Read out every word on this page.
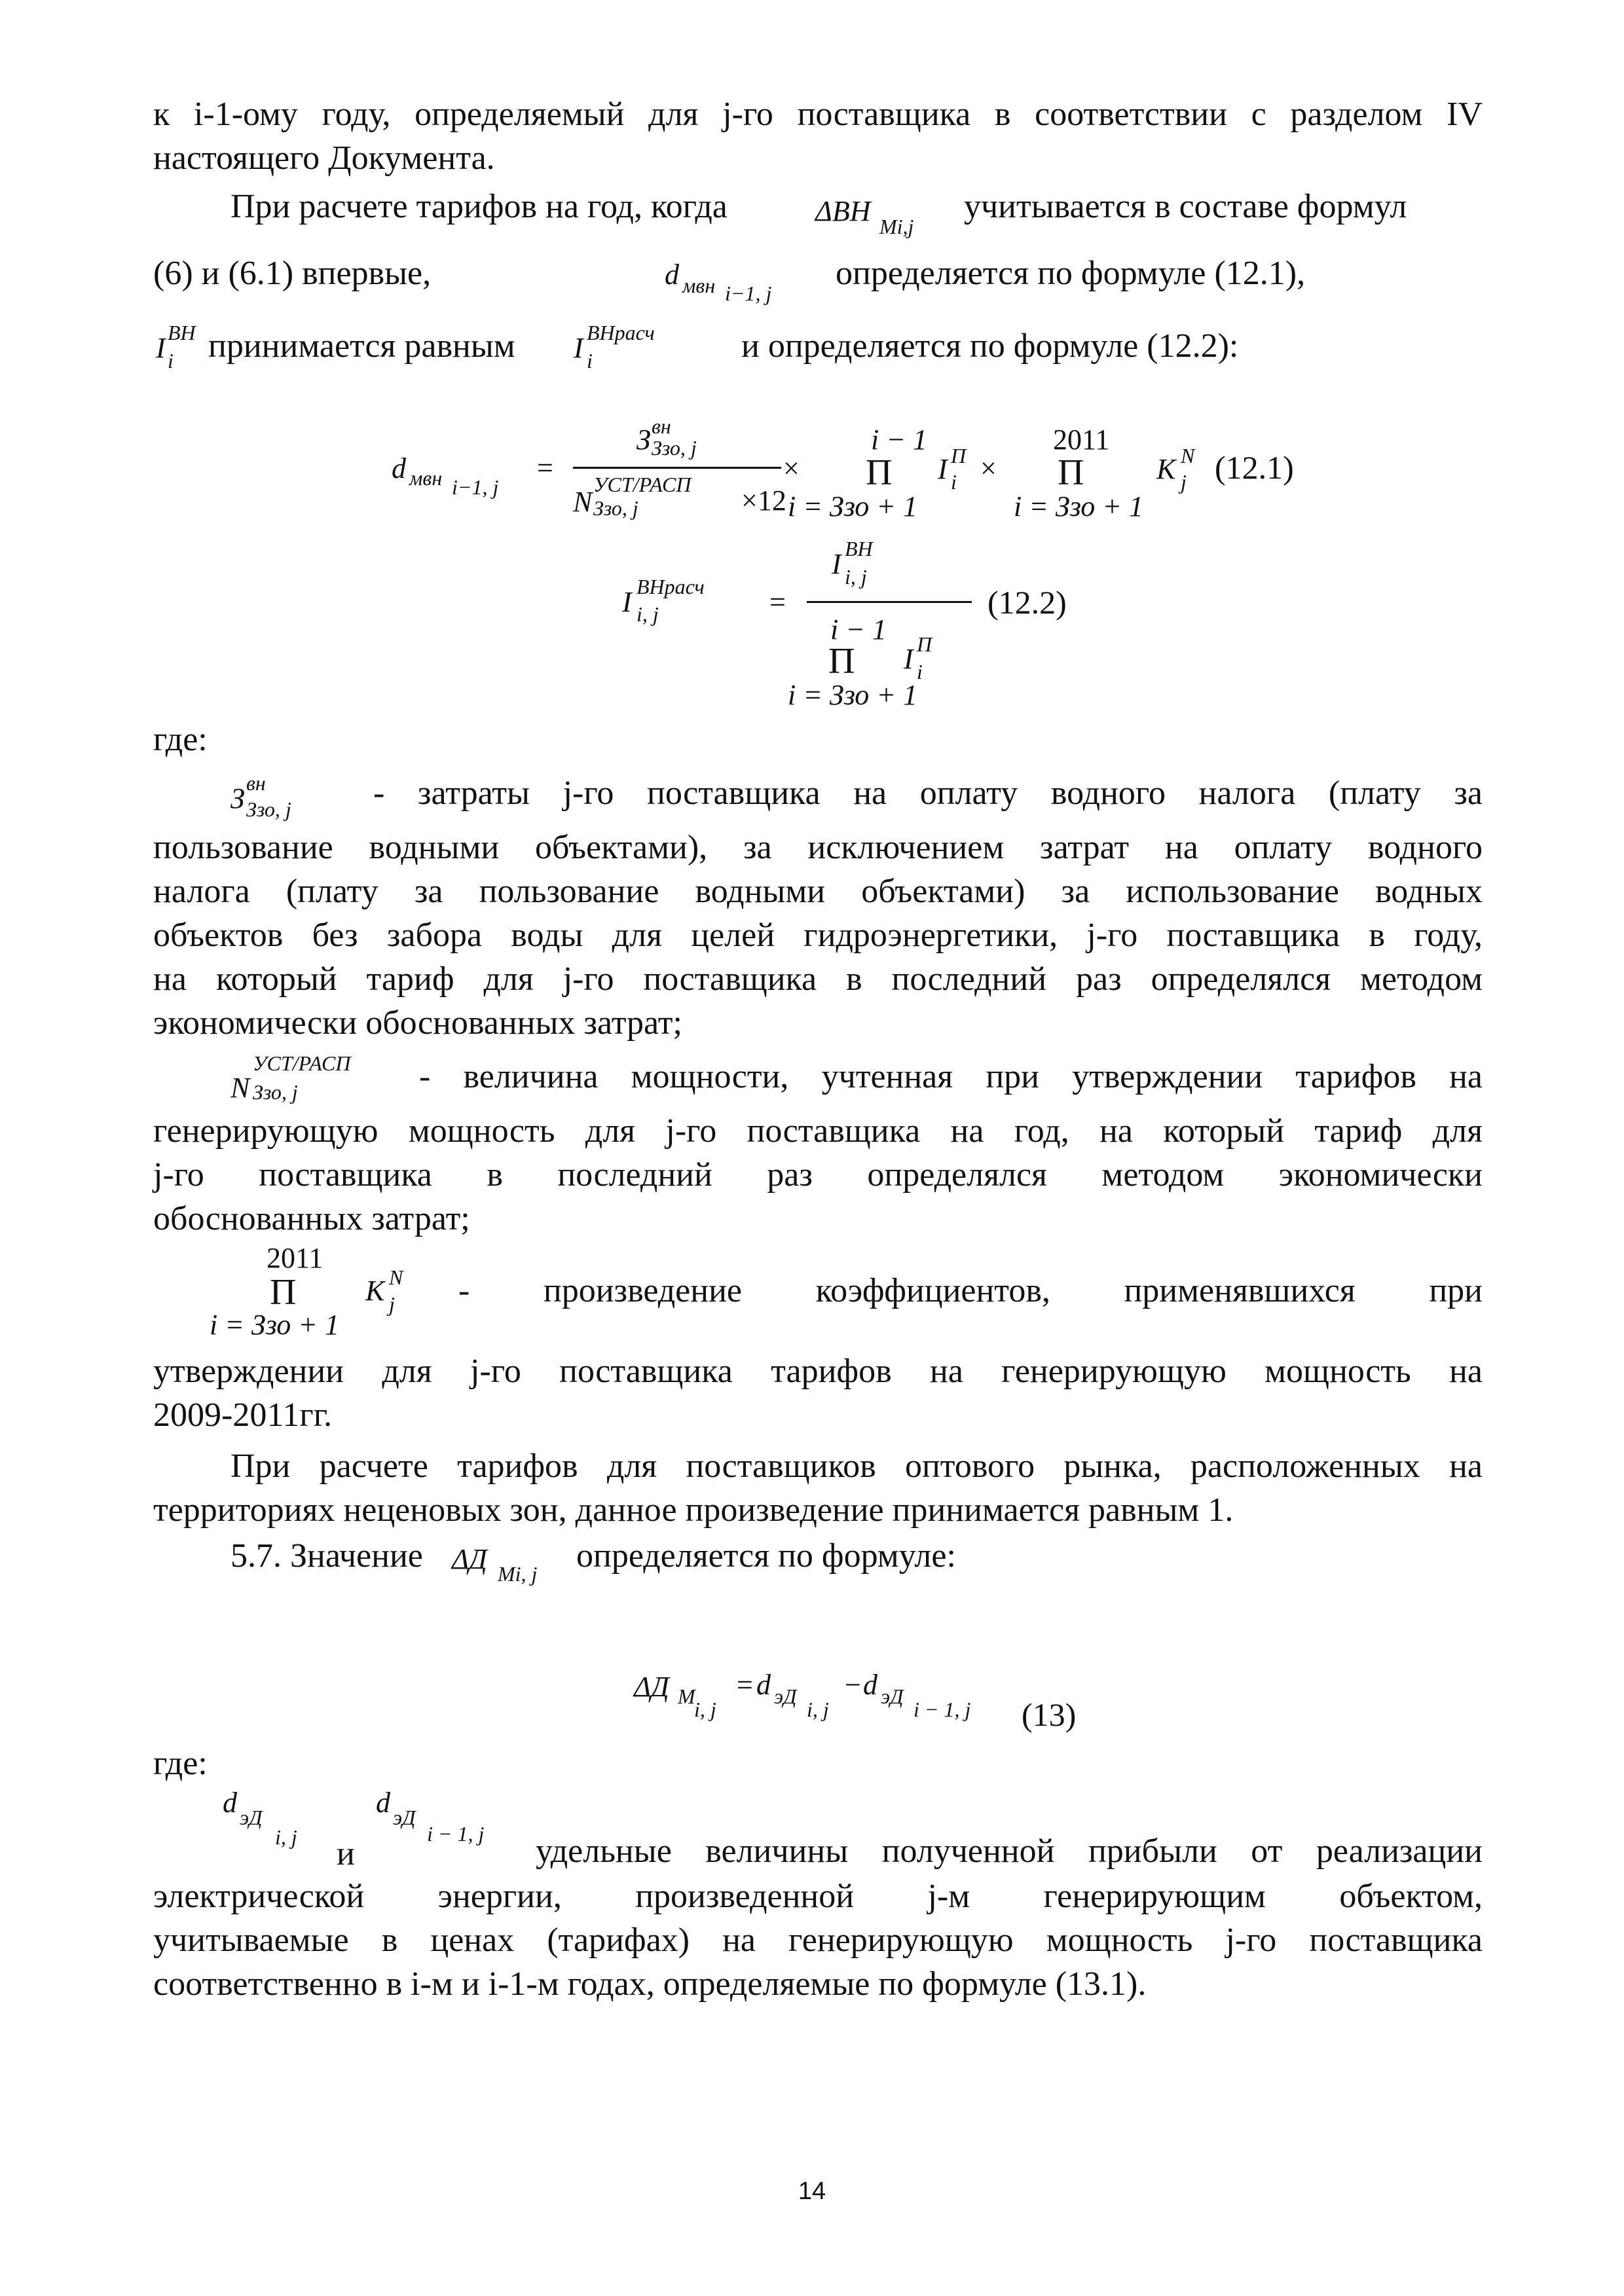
к i-1-ому году, определяемый для j-го поставщика в соответствии с разделом IV
настоящего Документа.
При расчете тарифов на год, когда	ΔВН Мi,j
учитывается в составе формул
(6) и (6.1) впервые,	d мвн i−1, j
определяется по формуле (12.1),
I ВН
i принимается равным I ВНрасч
i	и определяется по формуле (12.2):
d мвн i−1, j
=
З вн
Ззо, j
N
УСТ/РАСП
Ззо, j	×12
×
i − 1
П
i = Ззо + 1
I П
i ×
2011
П
i = Ззо + 1
K N
j (12.1)
I ВНрасч
i, j	=
I ВН
i, j
i − 1
П
i = Ззо + 1
I П
i
(12.2)
где:
З вн
Ззо, j - затраты j-го поставщика на оплату водного налога (плату за
пользование водными объектами), за исключением затрат на оплату водного
налога (плату за пользование водными объектами) за использование водных
объектов без забора воды для целей гидроэнергетики, j-го поставщика в году,
на который тариф для j-го поставщика в последний раз определялся методом
экономически обоснованных затрат;
N
УСТ/РАСП
Ззо, j	- величина мощности, учтенная при утверждении тарифов на
генерирующую мощность для j-го поставщика на год, на который тариф для
j-го поставщика в последний раз определялся методом экономически
обоснованных затрат;
2011
П
i = Ззо + 1
K N
j - произведение коэффициентов, применявшихся при
утверждении для j-го поставщика тарифов на генерирующую мощность на
2009-2011гг.
При расчете тарифов для поставщиков оптового рынка, расположенных на
территориях неценовых зон, данное произведение принимается равным 1.
5.7. Значение ΔД Мi, j определяется по формуле:
ΔД М
i, j
= d эД
i, j
− d эД
i − 1, j (13)
где:
d эД
i, j и
d эД
i − 1, j удельные величины полученной прибыли от реализации
электрической энергии, произведенной j-м генерирующим объектом,
учитываемые в ценах (тарифах) на генерирующую мощность j-го поставщика
соответственно в i-м и i-1-м годах, определяемые по формуле (13.1).
14
